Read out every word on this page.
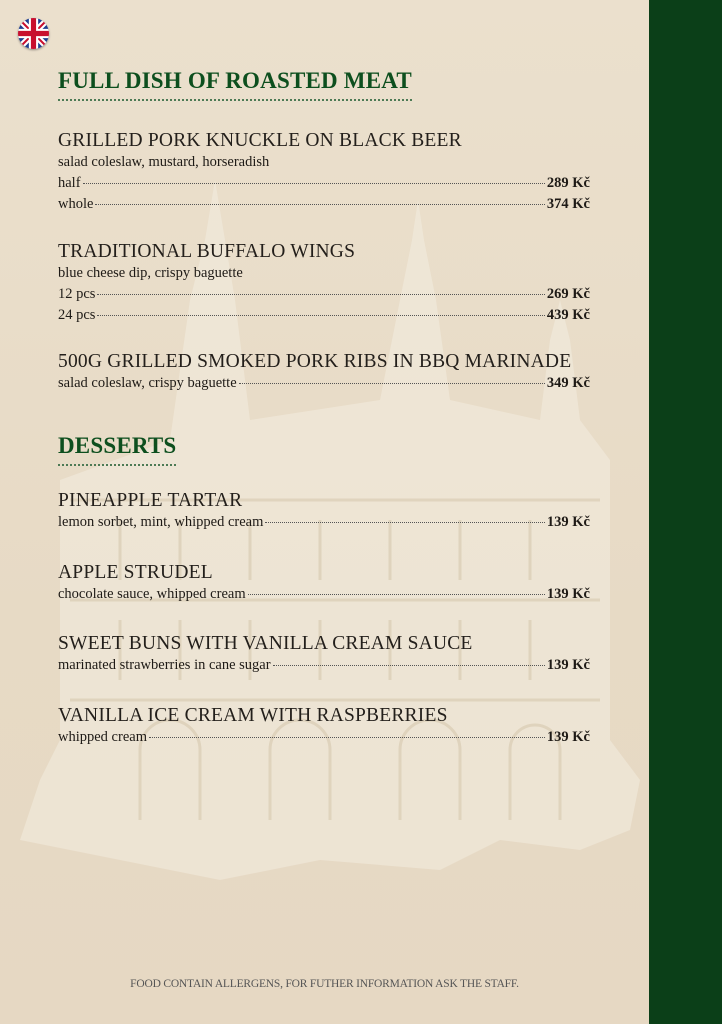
FULL DISH OF ROASTED MEAT
GRILLED PORK KNUCKLE ON BLACK BEER
salad coleslaw, mustard, horseradish
half	289 Kč
whole	374 Kč
TRADITIONAL BUFFALO WINGS
blue cheese dip, crispy baguette
12 pcs	269 Kč
24 pcs	439 Kč
500G GRILLED SMOKED PORK RIBS IN BBQ MARINADE
salad coleslaw, crispy baguette	349 Kč
DESSERTS
PINEAPPLE TARTAR
lemon sorbet, mint, whipped cream	139 Kč
APPLE STRUDEL
chocolate sauce, whipped cream	139 Kč
SWEET BUNS WITH VANILLA CREAM SAUCE
marinated strawberries in cane sugar	139 Kč
VANILLA ICE CREAM WITH RASPBERRIES
whipped cream	139 Kč
FOOD CONTAIN ALLERGENS, FOR FUTHER INFORMATION ASK THE STAFF.
